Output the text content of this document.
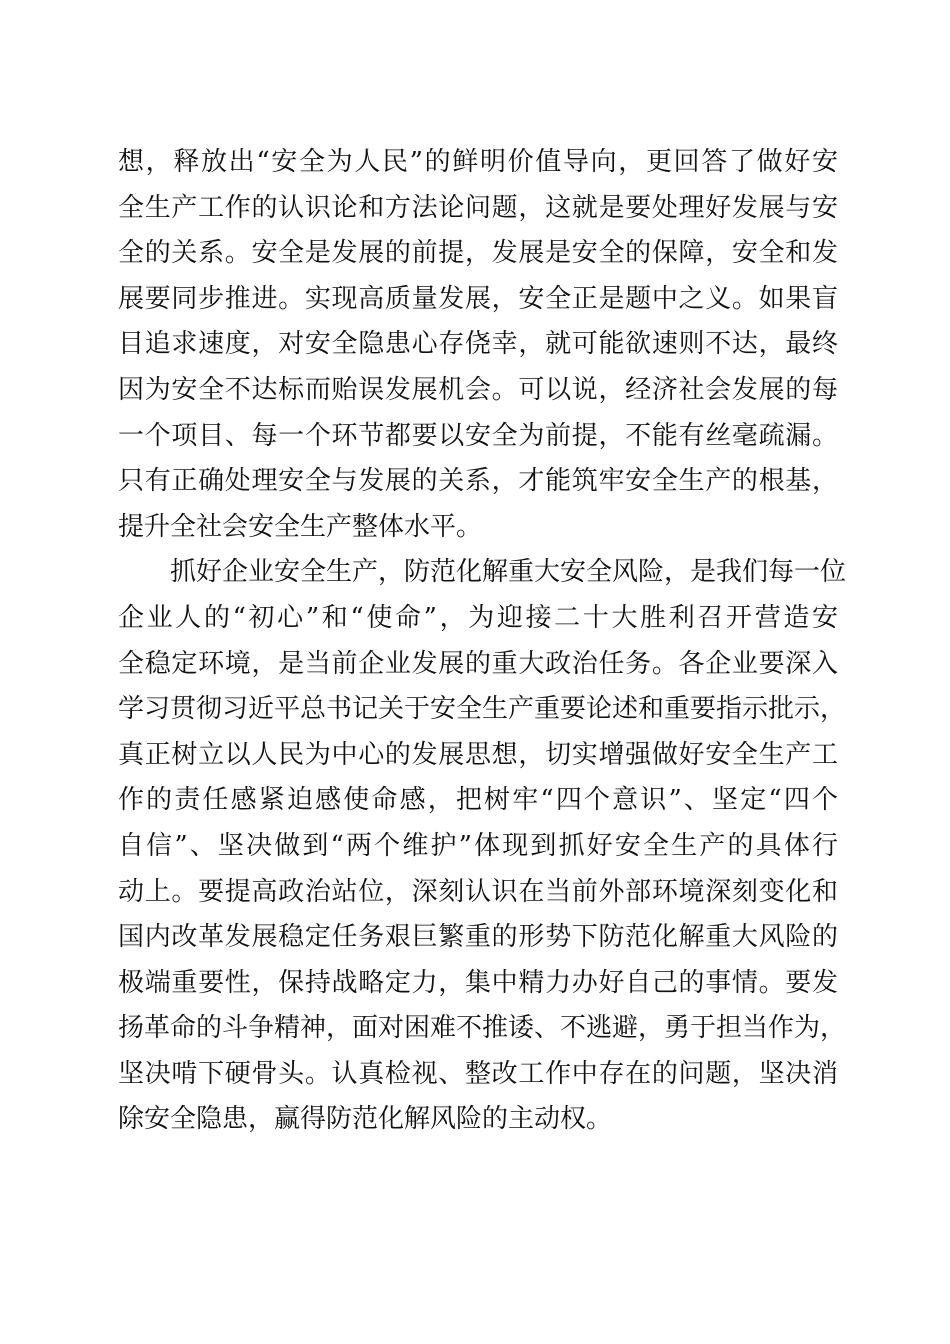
想，释放出“安全为人民”的鲜明价值导向，更回答了做好安
全生产工作的认识论和方法论问题，这就是要处理好发展与安
全的关系。安全是发展的前提，发展是安全的保障，安全和发
展要同步推进。实现高质量发展，安全正是题中之义。如果盲
目追求速度，对安全隐患心存侥幸，就可能欲速则不达，最终
因为安全不达标而贻误发展机会。可以说，经济社会发展的每
一个项目、每一个环节都要以安全为前提，不能有丝毫疏漏。
只有正确处理安全与发展的关系，才能筑牢安全生产的根基，
提升全社会安全生产整体水平。
抓好企业安全生产，防范化解重大安全风险，是我们每一位
企业人的“初心”和“使命”，为迎接二十大胜利召开营造安
全稳定环境，是当前企业发展的重大政治任务。各企业要深入
学习贯彻习近平总书记关于安全生产重要论述和重要指示批示，
真正树立以人民为中心的发展思想，切实增强做好安全生产工
作的责任感紧迫感使命感，把树牢“四个意识”、坚定“四个
自信”、坚决做到“两个维护”体现到抓好安全生产的具体行
动上。要提高政治站位，深刻认识在当前外部环境深刻变化和
国内改革发展稳定任务艰巨繁重的形势下防范化解重大风险的
极端重要性，保持战略定力，集中精力办好自己的事情。要发
扬革命的斗争精神，面对困难不推诿、不逃避，勇于担当作为，
坚决啃下硬骨头。认真检视、整改工作中存在的问题，坚决消
除安全隐患，赢得防范化解风险的主动权。
